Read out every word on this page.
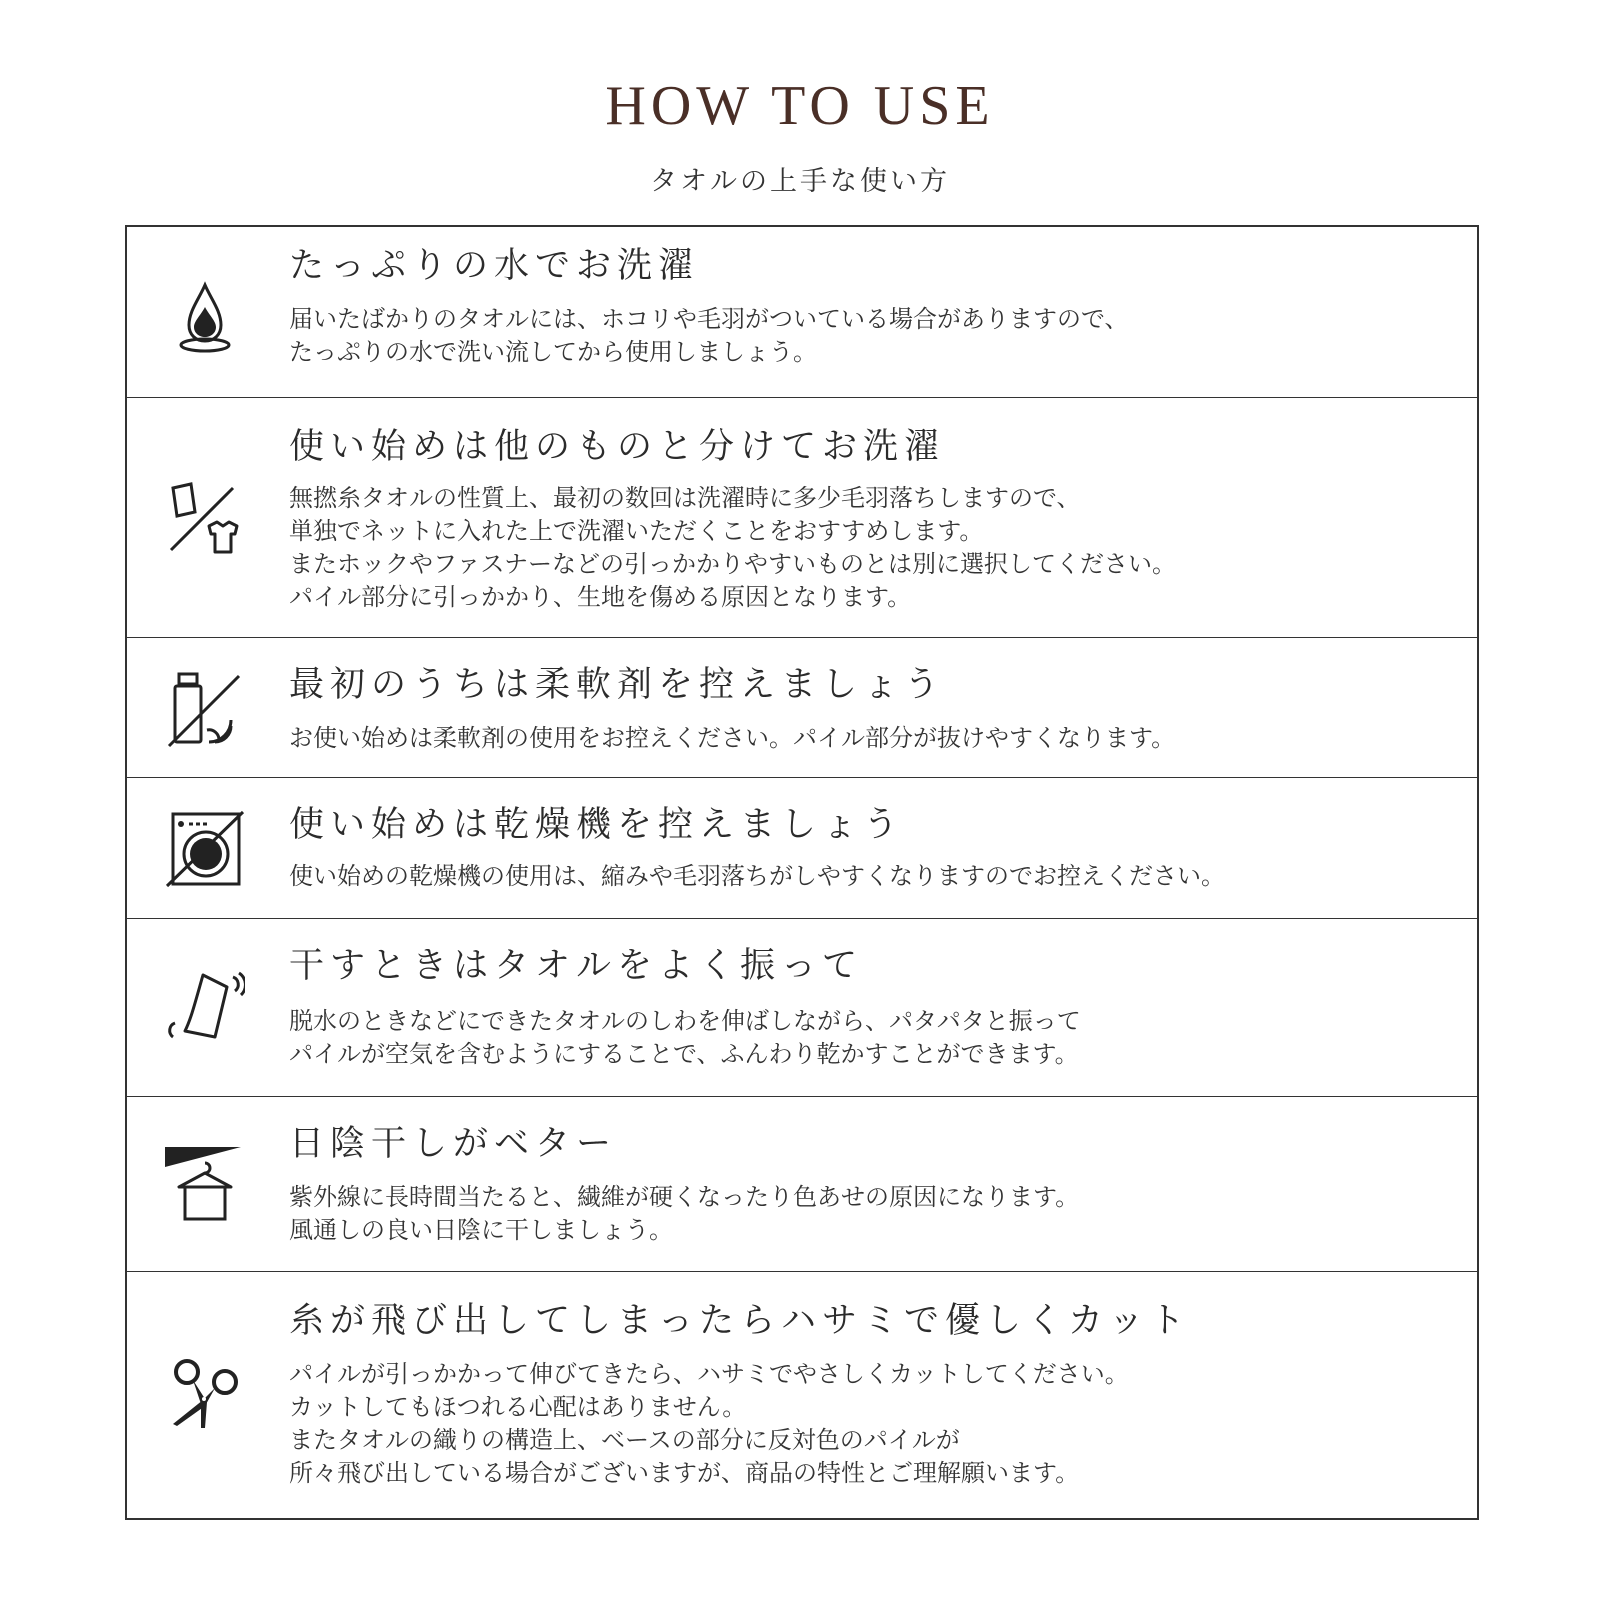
HOW TO USE
タオルの上手な使い方
たっぷりの水でお洗濯
届いたばかりのタオルには、ホコリや毛羽がついている場合がありますので、
たっぷりの水で洗い流してから使用しましょう。
使い始めは他のものと分けてお洗濯
無撚糸タオルの性質上、最初の数回は洗濯時に多少毛羽落ちしますので、
単独でネットに入れた上で洗濯いただくことをおすすめします。
またホックやファスナーなどの引っかかりやすいものとは別に選択してください。
パイル部分に引っかかり、生地を傷める原因となります。
最初のうちは柔軟剤を控えましょう
お使い始めは柔軟剤の使用をお控えください。パイル部分が抜けやすくなります。
使い始めは乾燥機を控えましょう
使い始めの乾燥機の使用は、縮みや毛羽落ちがしやすくなりますのでお控えください。
干すときはタオルをよく振って
脱水のときなどにできたタオルのしわを伸ばしながら、パタパタと振って
パイルが空気を含むようにすることで、ふんわり乾かすことができます。
日陰干しがベター
紫外線に長時間当たると、繊維が硬くなったり色あせの原因になります。
風通しの良い日陰に干しましょう。
糸が飛び出してしまったらハサミで優しくカット
パイルが引っかかって伸びてきたら、ハサミでやさしくカットしてください。
カットしてもほつれる心配はありません。
またタオルの織りの構造上、ベースの部分に反対色のパイルが
所々飛び出している場合がございますが、商品の特性とご理解願います。
